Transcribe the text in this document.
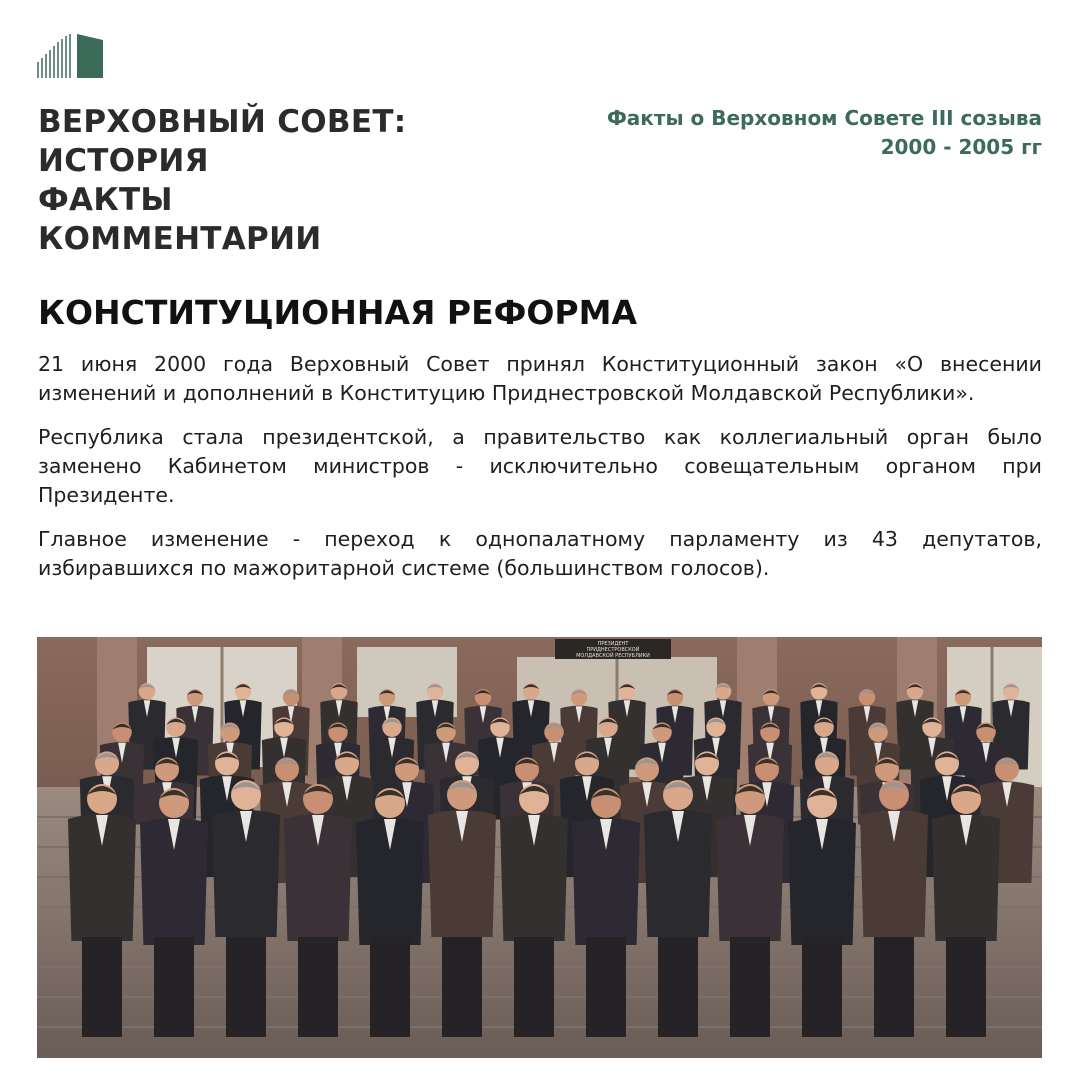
ВЕРХОВНЫЙ СОВЕТ:
ИСТОРИЯ
ФАКТЫ
КОММЕНТАРИИ
Факты о Верховном Совете III созыва
2000 - 2005 гг
КОНСТИТУЦИОННАЯ РЕФОРМА

21 июня 2000 года Верховный Совет принял Конституционный закон «О внесении изменений и дополнений в Конституцию Приднестровской Молдавской Республики».

Республика стала президентской, а правительство как коллегиальный орган было заменено Кабинетом министров - исключительно совещательным органом при Президенте.

Главное изменение - переход к однопалатному парламенту из 43 депутатов, избиравшихся по мажоритарной системе (большинством голосов).

ПРЕЗИДЕНТ
ПРИДНЕСТРОВСКОЙ
МОЛДАВСКОЙ РЕСПУБЛИКИ
